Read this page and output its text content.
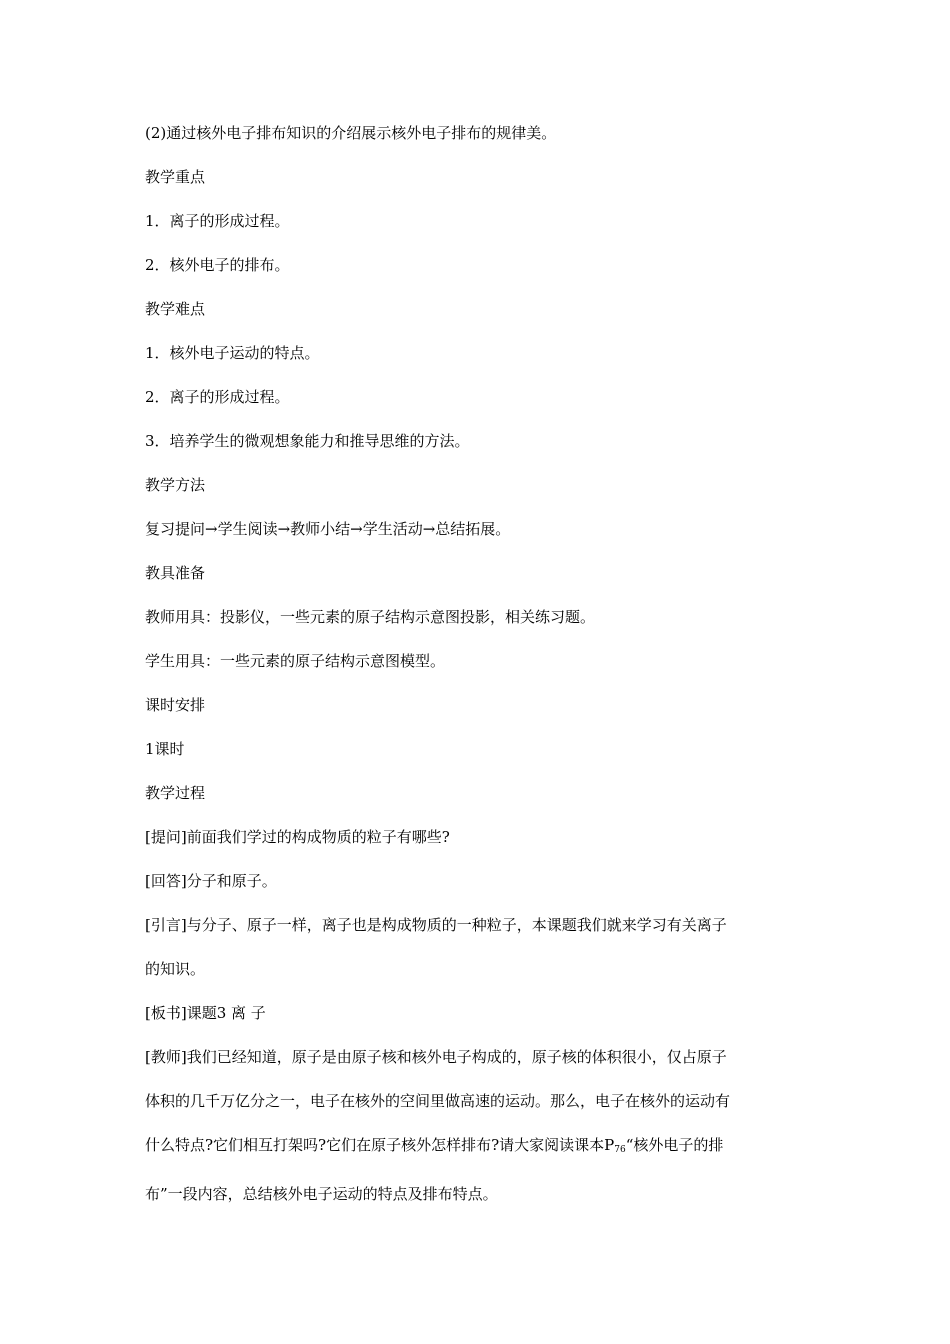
(2)通过核外电子排布知识的介绍展示核外电子排布的规律美。
教学重点
1．离子的形成过程。
2．核外电子的排布。
教学难点
1．核外电子运动的特点。
2．离子的形成过程。
3．培养学生的微观想象能力和推导思维的方法。
教学方法
复习提问→学生阅读→教师小结→学生活动→总结拓展。
教具准备
教师用具：投影仪，一些元素的原子结构示意图投影，相关练习题。
学生用具：一些元素的原子结构示意图模型。
课时安排
1课时
教学过程
[提问]前面我们学过的构成物质的粒子有哪些?
[回答]分子和原子。
[引言]与分子、原子一样，离子也是构成物质的一种粒子，本课题我们就来学习有关离子
的知识。
[板书]课题3 离 子
[教师]我们已经知道，原子是由原子核和核外电子构成的，原子核的体积很小，仅占原子
体积的几千万亿分之一，电子在核外的空间里做高速的运动。那么，电子在核外的运动有
什么特点?它们相互打架吗?它们在原子核外怎样排布?请大家阅读课本$P_{76}“$核外电子的排
布”一段内容，总结核外电子运动的特点及排布特点。
